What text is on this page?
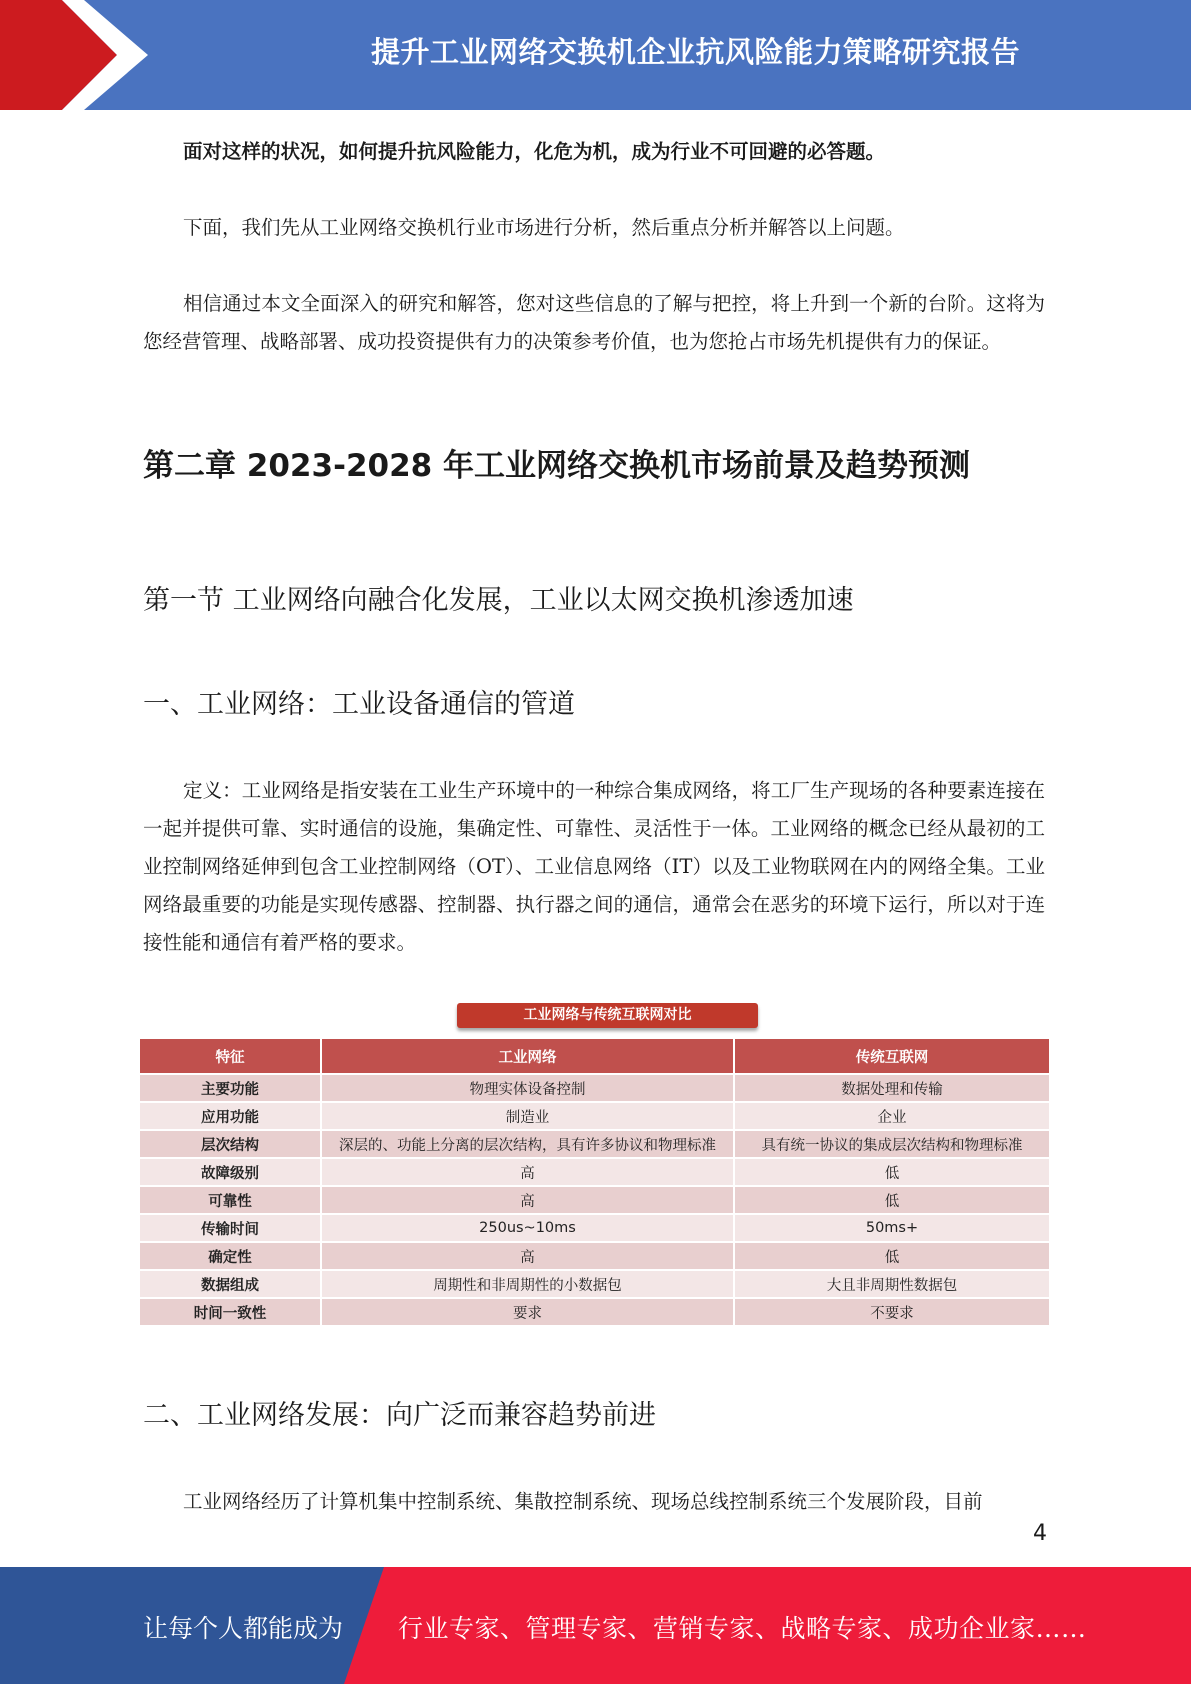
提升工业网络交换机企业抗风险能力策略研究报告

面对这样的状况，如何提升抗风险能力，化危为机，成为行业不可回避的必答题。

下面，我们先从工业网络交换机行业市场进行分析，然后重点分析并解答以上问题。

相信通过本文全面深入的研究和解答，您对这些信息的了解与把控，将上升到一个新的台阶。这将为您经营管理、战略部署、成功投资提供有力的决策参考价值，也为您抢占市场先机提供有力的保证。

第二章 2023-2028 年工业网络交换机市场前景及趋势预测
第一节 工业网络向融合化发展，工业以太网交换机渗透加速
一、工业网络：工业设备通信的管道

定义：工业网络是指安装在工业生产环境中的一种综合集成网络，将工厂生产现场的各种要素连接在一起并提供可靠、实时通信的设施，集确定性、可靠性、灵活性于一体。工业网络的概念已经从最初的工业控制网络延伸到包含工业控制网络（OT）、工业信息网络（IT）以及工业物联网在内的网络全集。工业网络最重要的功能是实现传感器、控制器、执行器之间的通信，通常会在恶劣的环境下运行，所以对于连接性能和通信有着严格的要求。

工业网络与传统互联网对比
特征	工业网络	传统互联网
主要功能	物理实体设备控制	数据处理和传输
应用功能	制造业	企业
层次结构	深层的、功能上分离的层次结构，具有许多协议和物理标准	具有统一协议的集成层次结构和物理标准
故障级别	高	低
可靠性	高	低
传输时间	250us~10ms	50ms+
确定性	高	低
数据组成	周期性和非周期性的小数据包	大且非周期性数据包
时间一致性	要求	不要求
二、工业网络发展：向广泛而兼容趋势前进

工业网络经历了计算机集中控制系统、集散控制系统、现场总线控制系统三个发展阶段，目前

4
让每个人都能成为 行业专家、管理专家、营销专家、战略专家、成功企业家……
